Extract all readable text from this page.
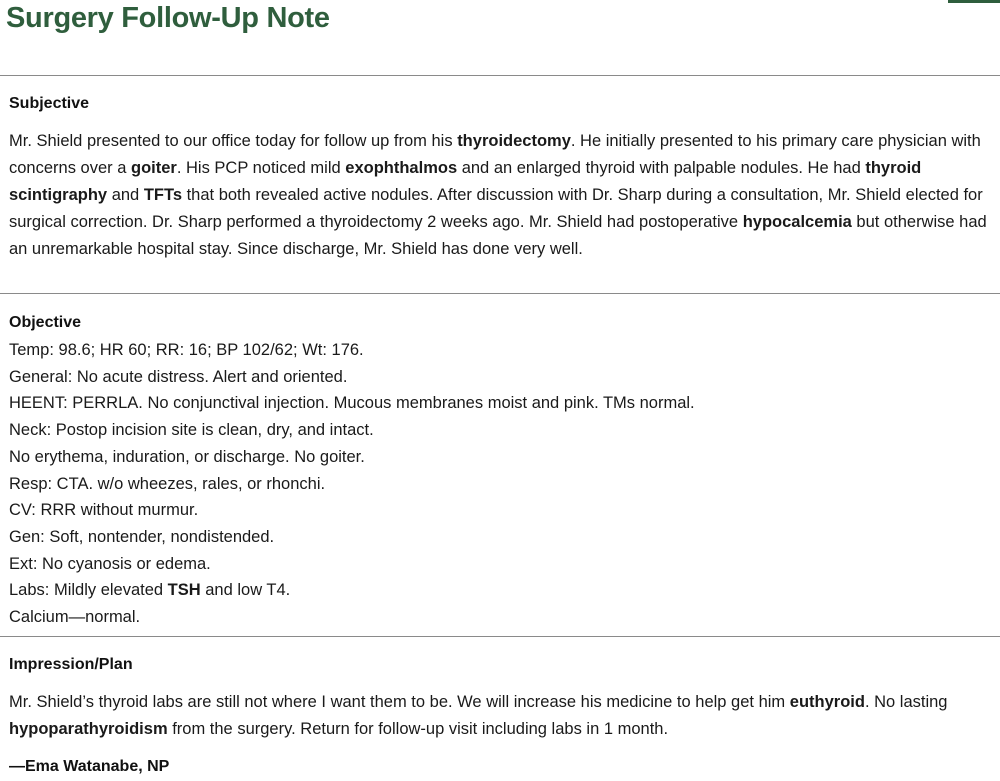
Surgery Follow-Up Note
Subjective
Mr. Shield presented to our office today for follow up from his thyroidectomy. He initially presented to his primary care physician with concerns over a goiter. His PCP noticed mild exophthalmos and an enlarged thyroid with palpable nodules. He had thyroid scintigraphy and TFTs that both revealed active nodules. After discussion with Dr. Sharp during a consultation, Mr. Shield elected for surgical correction. Dr. Sharp performed a thyroidectomy 2 weeks ago. Mr. Shield had postoperative hypocalcemia but otherwise had an unremarkable hospital stay. Since discharge, Mr. Shield has done very well.
Objective
Temp: 98.6; HR 60; RR: 16; BP 102/62; Wt: 176.
General: No acute distress. Alert and oriented.
HEENT: PERRLA. No conjunctival injection. Mucous membranes moist and pink. TMs normal.
Neck: Postop incision site is clean, dry, and intact.
No erythema, induration, or discharge. No goiter.
Resp: CTA. w/o wheezes, rales, or rhonchi.
CV: RRR without murmur.
Gen: Soft, nontender, nondistended.
Ext: No cyanosis or edema.
Labs: Mildly elevated TSH and low T4.
Calcium—normal.
Impression/Plan
Mr. Shield’s thyroid labs are still not where I want them to be. We will increase his medicine to help get him euthyroid. No lasting hypoparathyroidism from the surgery. Return for follow-up visit including labs in 1 month.
—Ema Watanabe, NP
